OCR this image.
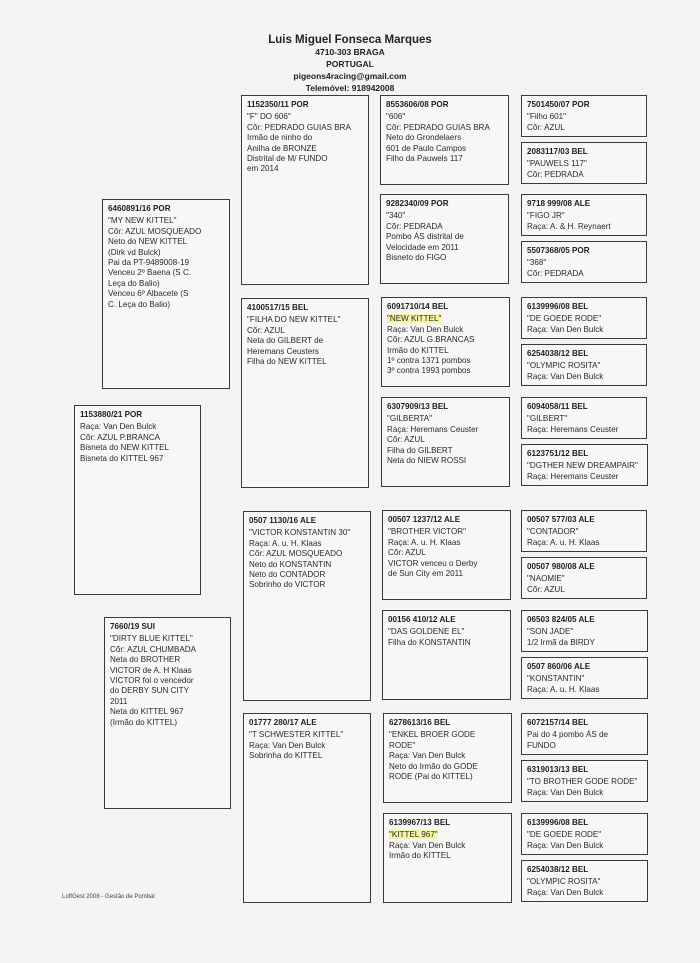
Luis Miguel Fonseca Marques
4710-303 BRAGA
PORTUGAL
pigeons4racing@gmail.com
Telemóvel: 918942008
1153880/21 POR
Raça: Van Den Bulck
Cõr: AZUL P.BRANCA
Bisneta do NEW KITTEL
Bisneta do KITTEL 967
6460891/16 POR
"MY NEW KITTEL"
Cõr: AZUL MOSQUEADO
Neto do NEW KITTEL
(Dirk vd Bulck)
Pai da PT-9489008-19
Venceu 2º Baena (S C.
Leça do Balio)
Venceu 6º Albacete (S
C. Leça do Balio)
7660/19 SUI
"DIRTY BLUE KITTEL"
Cõr: AZUL CHUMBADA
Neta do BROTHER
VICTOR de A. H Klaas
VICTOR foi o vencedor
do DERBY SUN CITY
2011
Neta do KITTEL 967
(Irmão do KITTEL)
1152350/11 POR
"F" DO 606"
Cõr: PEDRADO GUIAS BRA
Irmão de ninho do
Anilha de BRONZE
Distrital de M/ FUNDO
em 2014
4100517/15 BEL
"FILHA DO NEW KITTEL"
Cõr: AZUL
Neta do GILBERT de
Heremans Ceusters
Filha do NEW KITTEL
0507 1130/16 ALE
"VICTOR KONSTANTIN 30"
Raça: A. u. H. Klaas
Cõr: AZUL MOSQUEADO
Neto do KONSTANTIN
Neto do CONTADOR
Sobrinho do VICTOR
01777 280/17 ALE
"T SCHWESTER KITTEL"
Raça: Van Den Bulck
Sobrinha do KITTEL
8553606/08 POR
"606"
Cõr: PEDRADO GUIAS BRA
Neto do Grondelaers
601 de Paulo Campos
Filho da Pauwels 117
9282340/09 POR
"340"
Cõr: PEDRADA
Pombo ÁS distrital de
Velocidade em 2011
Bisneto do FIGO
6091710/14 BEL
"NEW KITTEL"
Raça: Van Den Bulck
Cõr: AZUL G.BRANCAS
Irmão do KITTEL
1º contra 1371 pombos
3º contra 1993 pombos
6307909/13 BEL
"GILBERTA"
Raça: Heremans Ceuster
Cõr: AZUL
Filha do GILBERT
Neta do NIEW ROSSI
00507 1237/12 ALE
"BROTHER VICTOR"
Raça: A. u. H. Klaas
Cõr: AZUL
VICTOR venceu o Derby
de Sun City em 2011
00156 410/12 ALE
"DAS GOLDENE EL"
Filha do KONSTANTIN
6278613/16 BEL
"ENKEL BROER GODE
RODE"
Raça: Van Den Bulck
Neto do Irmão do GODE
RODE (Pai do KITTEL)
6139967/13 BEL
"KITTEL 967"
Raça: Van Den Bulck
Irmão do KITTEL
7501450/07 POR
"Filho 601"
Cõr: AZUL
2083117/03 BEL
"PAUWELS 117"
Cõr: PEDRADA
9718 999/08 ALE
"FIGO JR"
Raça: A. & H. Reynaert
5507368/05 POR
"368"
Cõr: PEDRADA
6139996/08 BEL
"DE GOEDE RODE"
Raça: Van Den Bulck
6254038/12 BEL
"OLYMPIC ROSITA"
Raça: Van Den Bulck
6094058/11 BEL
"GILBERT"
Raça: Heremans Ceuster
6123751/12 BEL
"DGTHER NEW DREAMPAIR"
Raça: Heremans Ceuster
00507 577/03 ALE
"CONTADOR"
Raça: A. u. H. Klaas
00507 980/08 ALE
"NAOMIE"
Cõr: AZUL
06503 824/05 ALE
"SON JADE"
1/2 Irmã da BIRDY
0507 860/06 ALE
"KONSTANTIN"
Raça: A. u. H. Klaas
6072157/14 BEL
Pai do 4 pombo ÁS de
FUNDO
6319013/13 BEL
"TO BROTHER GODE RODE"
Raça: Van Den Bulck
6139996/08 BEL
"DE GOEDE RODE"
Raça: Van Den Bulck
6254038/12 BEL
"OLYMPIC ROSITA"
Raça: Van Den Bulck
LoftGest 2008 - Gestão de Pombal
